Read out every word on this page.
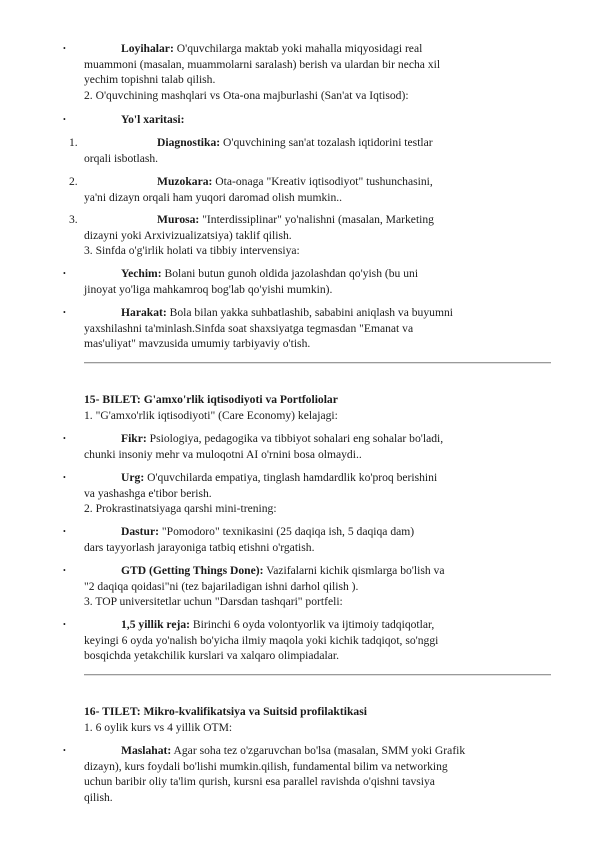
•	Loyihalar: O'quvchilarga maktab yoki mahalla miqyosidagi real
muammoni (masalan, muammolarni saralash) berish va ulardan bir necha xil
yechim topishni talab qilish.
2. O'quvchining mashqlari vs Ota-ona majburlashi (San'at va Iqtisod):
•	Yo'l xaritasi:
1.	Diagnostika: O'quvchining san'at tozalash iqtidorini testlar
orqali isbotlash.
2.	Muzokara: Ota-onaga "Kreativ iqtisodiyot" tushunchasini,
ya'ni dizayn orqali ham yuqori daromad olish mumkin..
3.	Murosa: "Interdissiplinar" yo'nalishni (masalan, Marketing
dizayni yoki Arxivizualizatsiya) taklif qilish.
3. Sinfda o'g'irlik holati va tibbiy intervensiya:
•	Yechim: Bolani butun gunoh oldida jazolashdan qo'yish (bu uni
jinoyat yo'liga mahkamroq bog'lab qo'yishi mumkin).
•	Harakat: Bola bilan yakka suhbatlashib, sababini aniqlash va buyumni
yaxshilashni ta'minlash.Sinfda soat shaxsiyatga tegmasdan "Emanat va
mas'uliyat" mavzusida umumiy tarbiyaviy o'tish.
15- BILET: G'amxo'rlik iqtisodiyoti va Portfoliolar
1. "G'amxo'rlik iqtisodiyoti" (Care Economy) kelajagi:
•	Fikr: Psiologiya, pedagogika va tibbiyot sohalari eng sohalar bo'ladi,
chunki insoniy mehr va muloqotni AI o'rnini bosa olmaydi..
•	Urg: O'quvchilarda empatiya, tinglash hamdardlik ko'proq berishini
va yashashga e'tibor berish.
2. Prokrastinatsiyaga qarshi mini-trening:
•	Dastur: "Pomodoro" texnikasini (25 daqiqa ish, 5 daqiqa dam)
dars tayyorlash jarayoniga tatbiq etishni o'rgatish.
•	GTD (Getting Things Done): Vazifalarni kichik qismlarga bo'lish va
"2 daqiqa qoidasi"ni (tez bajariladigan ishni darhol qilish ).
3. TOP universitetlar uchun "Darsdan tashqari" portfeli:
•	1,5 yillik reja: Birinchi 6 oyda volontyorlik va ijtimoiy tadqiqotlar,
keyingi 6 oyda yo'nalish bo'yicha ilmiy maqola yoki kichik tadqiqot, so'nggi
bosqichda yetakchilik kurslari va xalqaro olimpiadalar.
16- TILET: Mikro-kvalifikatsiya va Suitsid profilaktikasi
1. 6 oylik kurs vs 4 yillik OTM:
•	Maslahat: Agar soha tez o'zgaruvchan bo'lsa (masalan, SMM yoki Grafik
dizayn), kurs foydali bo'lishi mumkin.qilish, fundamental bilim va networking
uchun baribir oliy ta'lim qurish, kursni esa parallel ravishda o'qishni tavsiya
qilish.
